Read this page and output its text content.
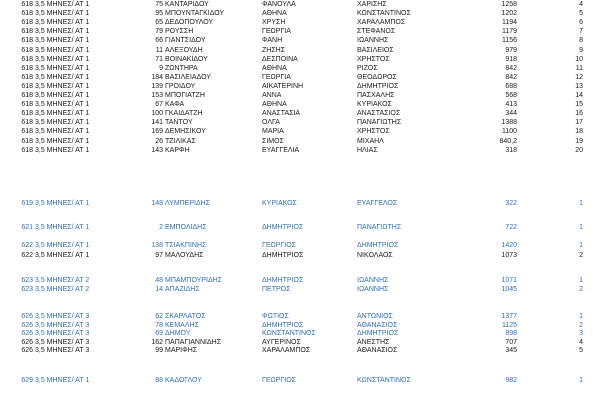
618 3,5 ΜΗΝΕΣ/ ΑΤ 1	75 ΚΑΝΤΑΡΙΔΟΥ	ΦΑΝΟΥΛΑ	ΧΑΡΙΣΗΣ	1258	4
618 3,5 ΜΗΝΕΣ/ ΑΤ 1	95 ΜΠΟΥΝΤΑΓΚΙΔΟΥ	ΑΘΗΝΑ	ΚΩΝΣΤΑΝΤΙΝΟΣ	1202	5
618 3,5 ΜΗΝΕΣ/ ΑΤ 1	65 ΔΕΔΟΠΟΥΛΟΥ	ΧΡΥΣΗ	ΧΑΡΑΛΑΜΠΟΣ	1194	6
618 3,5 ΜΗΝΕΣ/ ΑΤ 1	79 ΡΟΥΣΣΗ	ΓΕΩΡΓΙΑ	ΣΤΕΦΑΝΟΣ	1179	7
618 3,5 ΜΗΝΕΣ/ ΑΤ 1	66 ΓΙΑΝΤΣΙΔΟΥ	ΦΑΝΗ	ΙΩΑΝΝΗΣ	1156	8
618 3,5 ΜΗΝΕΣ/ ΑΤ 1	11 ΑΛΕΞΟΥΔΗ	ΖΗΣΗΣ	ΒΑΣΙΛΕΙΟΣ	979	9
618 3,5 ΜΗΝΕΣ/ ΑΤ 1	71 ΒΟΙΝΑΚΙΔΟΥ	ΔΕΣΠΟΙΝΑ	ΧΡΗΣΤΟΣ	918	10
618 3,5 ΜΗΝΕΣ/ ΑΤ 1	9 ΖΩΝΤΗΡΑ	ΑΘΗΝΑ	ΡΙΖΟΣ	842	11
618 3,5 ΜΗΝΕΣ/ ΑΤ 1	184 ΒΑΣΙΛΕΙΑΔΟΥ	ΓΕΩΡΓΙΑ	ΘΕΟΔΩΡΟΣ	842	12
618 3,5 ΜΗΝΕΣ/ ΑΤ 1	139 ΓΡΟΙΔΟΥ	ΑΙΚΑΤΕΡΙΝΗ	ΔΗΜΗΤΡΙΟΣ	688	13
618 3,5 ΜΗΝΕΣ/ ΑΤ 1	153 ΜΠΟΓΙΑΤΖΗ	ΑΝΝΑ	ΠΑΣΧΑΛΗΣ	568	14
618 3,5 ΜΗΝΕΣ/ ΑΤ 1	67 ΚΑΦΑ	ΑΘΗΝΑ	ΚΥΡΙΑΚΟΣ	413	15
618 3,5 ΜΗΝΕΣ/ ΑΤ 1	100 ΓΚΑΙΔΑΤΖΗ	ΑΝΑΣΤΑΣΙΑ	ΑΝΑΣΤΑΣΙΟΣ	344	16
618 3,5 ΜΗΝΕΣ/ ΑΤ 1	141 ΤΑΝΤΟΥ	ΟΛΓΑ	ΠΑΝΑΓΙΩΤΗΣ	1388	17
618 3,5 ΜΗΝΕΣ/ ΑΤ 1	169 ΔΕΜΗΣΙΚΟΥ	ΜΑΡΙΑ	ΧΡΗΣΤΟΣ	1100	18
618 3,5 ΜΗΝΕΣ/ ΑΤ 1	26 ΤΖΙΛΙΚΑΣ	ΣΙΜΟΣ	ΜΙΧΑΗΛ	840,2	19
618 3,5 ΜΗΝΕΣ/ ΑΤ 1	143 ΚΑΡΦΗ	ΕΥΑΓΓΕΛΙΑ	ΗΛΙΑΣ	318	20
619 3,5 ΜΗΝΕΣ/ ΑΤ 1	148 ΛΥΜΠΕΡΙΔΗΣ	ΚΥΡΙΑΚΟΣ	ΕΥΑΓΓΕΛΟΣ	322	1
621 3,5 ΜΗΝΕΣ/ ΑΤ 1	2 ΕΜΠΟΛΙΔΗΣ	ΔΗΜΗΤΡΙΟΣ	ΠΑΝΑΓΙΩΤΗΣ	722	1
622 3,5 ΜΗΝΕΣ/ ΑΤ 1	138 ΤΣΙΑΚΠΙΝΗΣ	ΓΕΩΡΓΙΟΣ	ΔΗΜΗΤΡΙΟΣ	1420	1
622 3,5 ΜΗΝΕΣ/ ΑΤ 1	97 ΜΑΛΟΥΔΗΣ	ΔΗΜΗΤΡΙΟΣ	ΝΙΚΟΛΑΟΣ	1073	2
623 3,5 ΜΗΝΕΣ/ ΑΤ 2	48 ΜΠΑΜΠΟΥΡΙΔΗΣ	ΔΗΜΗΤΡΙΟΣ	ΙΩΑΝΝΗΣ	1071	1
623 3,5 ΜΗΝΕΣ/ ΑΤ 2	14 ΑΠΑΖΙΔΗΣ	ΠΕΤΡΟΣ	ΙΩΑΝΝΗΣ	1045	2
626 3,5 ΜΗΝΕΣ/ ΑΤ 3	62 ΣΚΑΡΛΑΤΟΣ	ΦΩΤΙΟΣ	ΑΝΤΩΝΙΟΣ	1377	1
626 3,5 ΜΗΝΕΣ/ ΑΤ 3	78 ΚΕΜΑΛΗΣ	ΔΗΜΗΤΡΙΟΣ	ΑΘΑΝΑΣΙΟΣ	1125	2
626 3,5 ΜΗΝΕΣ/ ΑΤ 3	69 ΔΗΜΟΥ	ΚΩΝΣΤΑΝΤΙΝΟΣ	ΔΗΜΗΤΡΙΟΣ	898	3
626 3,5 ΜΗΝΕΣ/ ΑΤ 3	162 ΠΑΠΑΓΙΑΝΝΙΔΗΣ	ΑΥΓΕΡΙΝΟΣ	ΑΝΕΣΤΗΣ	707	4
626 3,5 ΜΗΝΕΣ/ ΑΤ 3	99 ΜΑΡΙΦΗΣ	ΧΑΡΑΛΑΜΠΟΣ	ΑΘΑΝΑΣΙΟΣ	345	5
629 3,5 ΜΗΝΕΣ/ ΑΤ 1	88 ΚΑΔΟΓΛΟΥ	ΓΕΩΡΓΙΟΣ	ΚΩΝΣΤΑΝΤΙΝΟΣ	982	1
